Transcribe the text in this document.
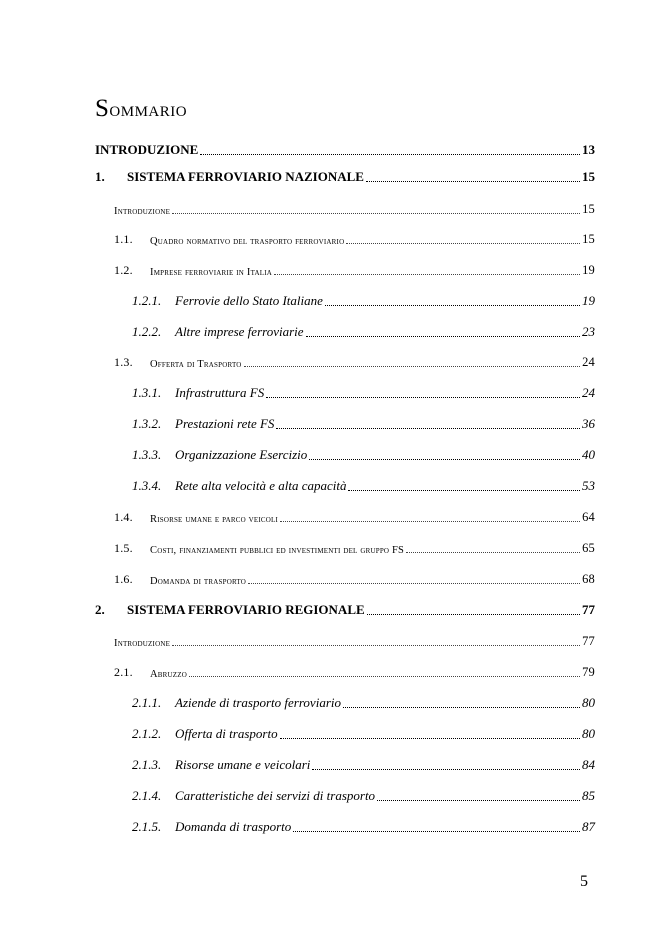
Sommario
INTRODUZIONE	13
1. SISTEMA FERROVIARIO NAZIONALE	15
Introduzione	15
1.1. Quadro normativo del trasporto ferroviario	15
1.2. Imprese ferroviarie in Italia	19
1.2.1. Ferrovie dello Stato Italiane	19
1.2.2. Altre imprese ferroviarie	23
1.3. Offerta di Trasporto	24
1.3.1. Infrastruttura FS	24
1.3.2. Prestazioni rete FS	36
1.3.3. Organizzazione Esercizio	40
1.3.4. Rete alta velocità e alta capacità	53
1.4. Risorse umane e parco veicoli	64
1.5. Costi, finanziamenti pubblici ed investimenti del gruppo FS	65
1.6. Domanda di trasporto	68
2. SISTEMA FERROVIARIO REGIONALE	77
Introduzione	77
2.1. Abruzzo	79
2.1.1. Aziende di trasporto ferroviario	80
2.1.2. Offerta di trasporto	80
2.1.3. Risorse umane e veicolari	84
2.1.4. Caratteristiche dei servizi di trasporto	85
2.1.5. Domanda di trasporto	87
5
